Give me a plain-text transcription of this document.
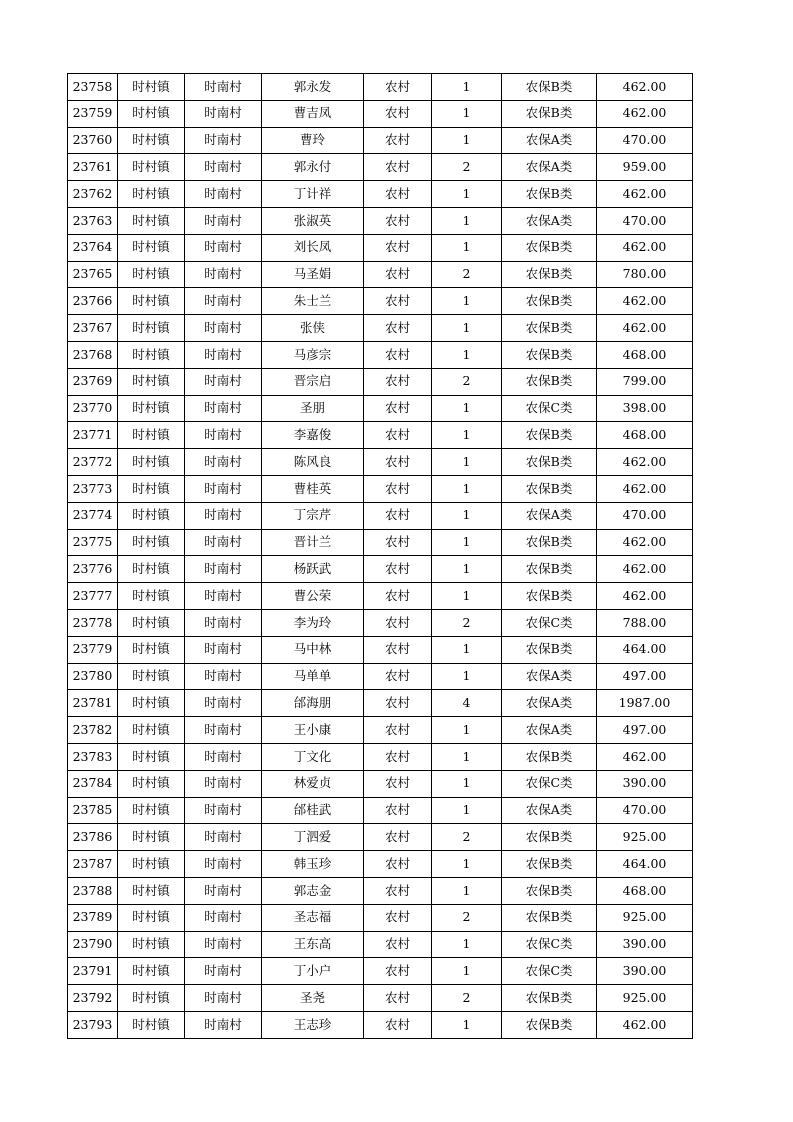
23758	时村镇	时南村	郭永发	农村	1	农保B类	462.00
23759	时村镇	时南村	曹吉凤	农村	1	农保B类	462.00
23760	时村镇	时南村	曹玲	农村	1	农保A类	470.00
23761	时村镇	时南村	郭永付	农村	2	农保A类	959.00
23762	时村镇	时南村	丁计祥	农村	1	农保B类	462.00
23763	时村镇	时南村	张淑英	农村	1	农保A类	470.00
23764	时村镇	时南村	刘长凤	农村	1	农保B类	462.00
23765	时村镇	时南村	马圣娟	农村	2	农保B类	780.00
23766	时村镇	时南村	朱士兰	农村	1	农保B类	462.00
23767	时村镇	时南村	张侠	农村	1	农保B类	462.00
23768	时村镇	时南村	马彦宗	农村	1	农保B类	468.00
23769	时村镇	时南村	晋宗启	农村	2	农保B类	799.00
23770	时村镇	时南村	圣朋	农村	1	农保C类	398.00
23771	时村镇	时南村	李嘉俊	农村	1	农保B类	468.00
23772	时村镇	时南村	陈风良	农村	1	农保B类	462.00
23773	时村镇	时南村	曹桂英	农村	1	农保B类	462.00
23774	时村镇	时南村	丁宗芹	农村	1	农保A类	470.00
23775	时村镇	时南村	晋计兰	农村	1	农保B类	462.00
23776	时村镇	时南村	杨跃武	农村	1	农保B类	462.00
23777	时村镇	时南村	曹公荣	农村	1	农保B类	462.00
23778	时村镇	时南村	李为玲	农村	2	农保C类	788.00
23779	时村镇	时南村	马中林	农村	1	农保B类	464.00
23780	时村镇	时南村	马单单	农村	1	农保A类	497.00
23781	时村镇	时南村	邰海朋	农村	4	农保A类	1987.00
23782	时村镇	时南村	王小康	农村	1	农保A类	497.00
23783	时村镇	时南村	丁文化	农村	1	农保B类	462.00
23784	时村镇	时南村	林爱贞	农村	1	农保C类	390.00
23785	时村镇	时南村	邰桂武	农村	1	农保A类	470.00
23786	时村镇	时南村	丁泗爱	农村	2	农保B类	925.00
23787	时村镇	时南村	韩玉珍	农村	1	农保B类	464.00
23788	时村镇	时南村	郭志金	农村	1	农保B类	468.00
23789	时村镇	时南村	圣志福	农村	2	农保B类	925.00
23790	时村镇	时南村	王东高	农村	1	农保C类	390.00
23791	时村镇	时南村	丁小户	农村	1	农保C类	390.00
23792	时村镇	时南村	圣尧	农村	2	农保B类	925.00
23793	时村镇	时南村	王志珍	农村	1	农保B类	462.00
